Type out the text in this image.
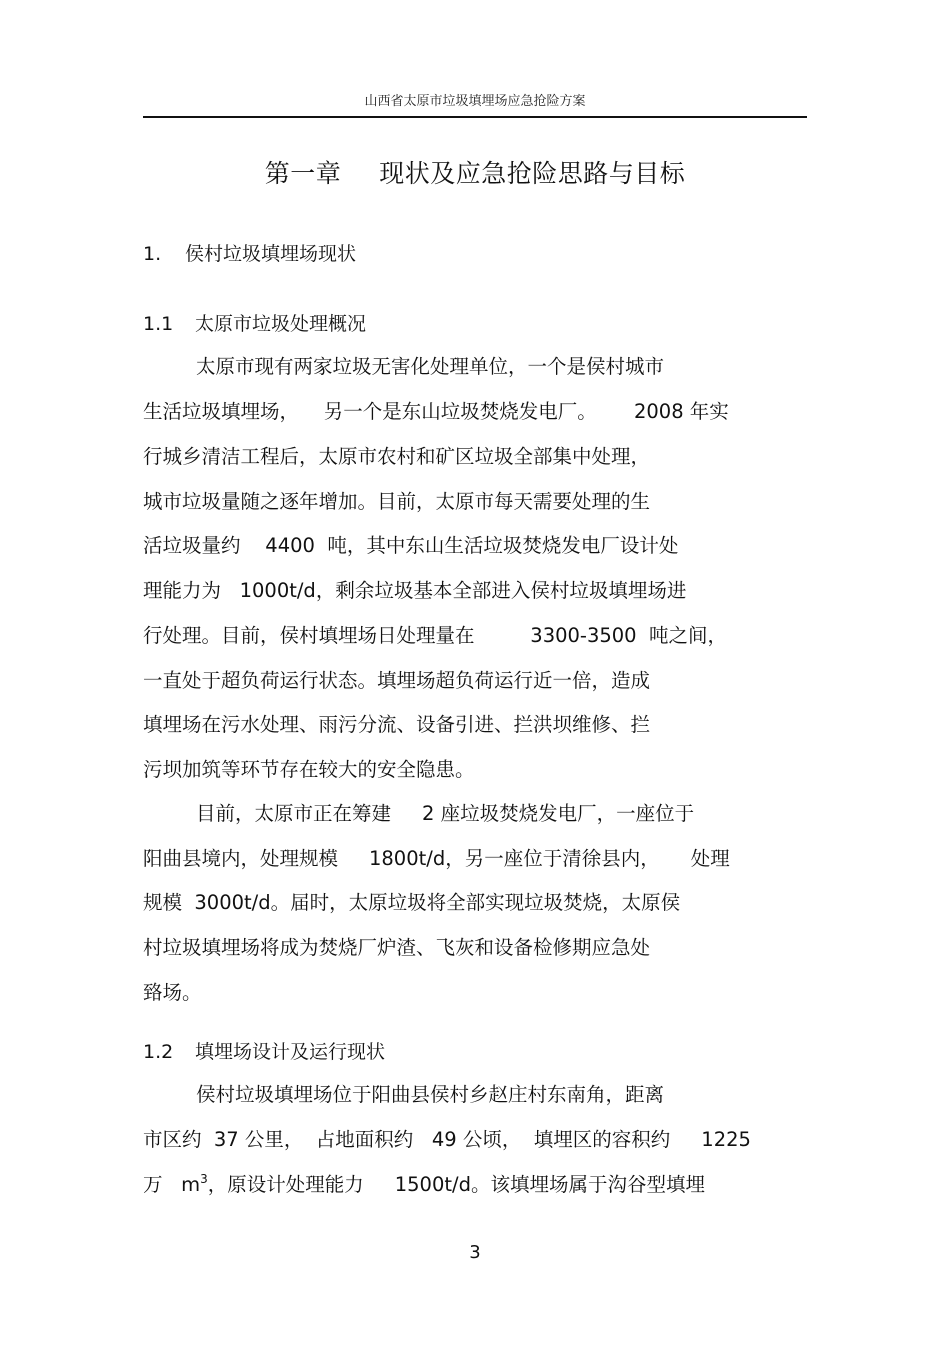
山西省太原市垃圾填埋场应急抢险方案
第一章 现状及应急抢险思路与目标
1. 侯村垃圾填埋场现状
1.1 太原市垃圾处理概况
太原市现有两家垃圾无害化处理单位，一个是侯村城市
生活垃圾填埋场，    另一个是东山垃圾焚烧发电厂。      2008 年实
行城乡清洁工程后，太原市农村和矿区垃圾全部集中处理，
城市垃圾量随之逐年增加。目前，太原市每天需要处理的生
活垃圾量约    4400  吨，其中东山生活垃圾焚烧发电厂设计处
理能力为   1000t/d，剩余垃圾基本全部进入侯村垃圾填埋场进
行处理。目前，侯村填埋场日处理量在         3300-3500  吨之间，
一直处于超负荷运行状态。填埋场超负荷运行近一倍，造成
填埋场在污水处理、雨污分流、设备引进、拦洪坝维修、拦
污坝加筑等环节存在较大的安全隐患。
目前，太原市正在筹建     2 座垃圾焚烧发电厂，一座位于
阳曲县境内，处理规模     1800t/d，另一座位于清徐县内，     处理
规模  3000t/d。届时，太原垃圾将全部实现垃圾焚烧，太原侯
村垃圾填埋场将成为焚烧厂炉渣、飞灰和设备检修期应急处
臵场。
1.2 填埋场设计及运行现状
侯村垃圾填埋场位于阳曲县侯村乡赵庄村东南角，距离
市区约  37 公里，  占地面积约   49 公顷，  填埋区的容积约     1225
万   $m^3$，原设计处理能力     1500t/d。该填埋场属于沟谷型填埋
3
